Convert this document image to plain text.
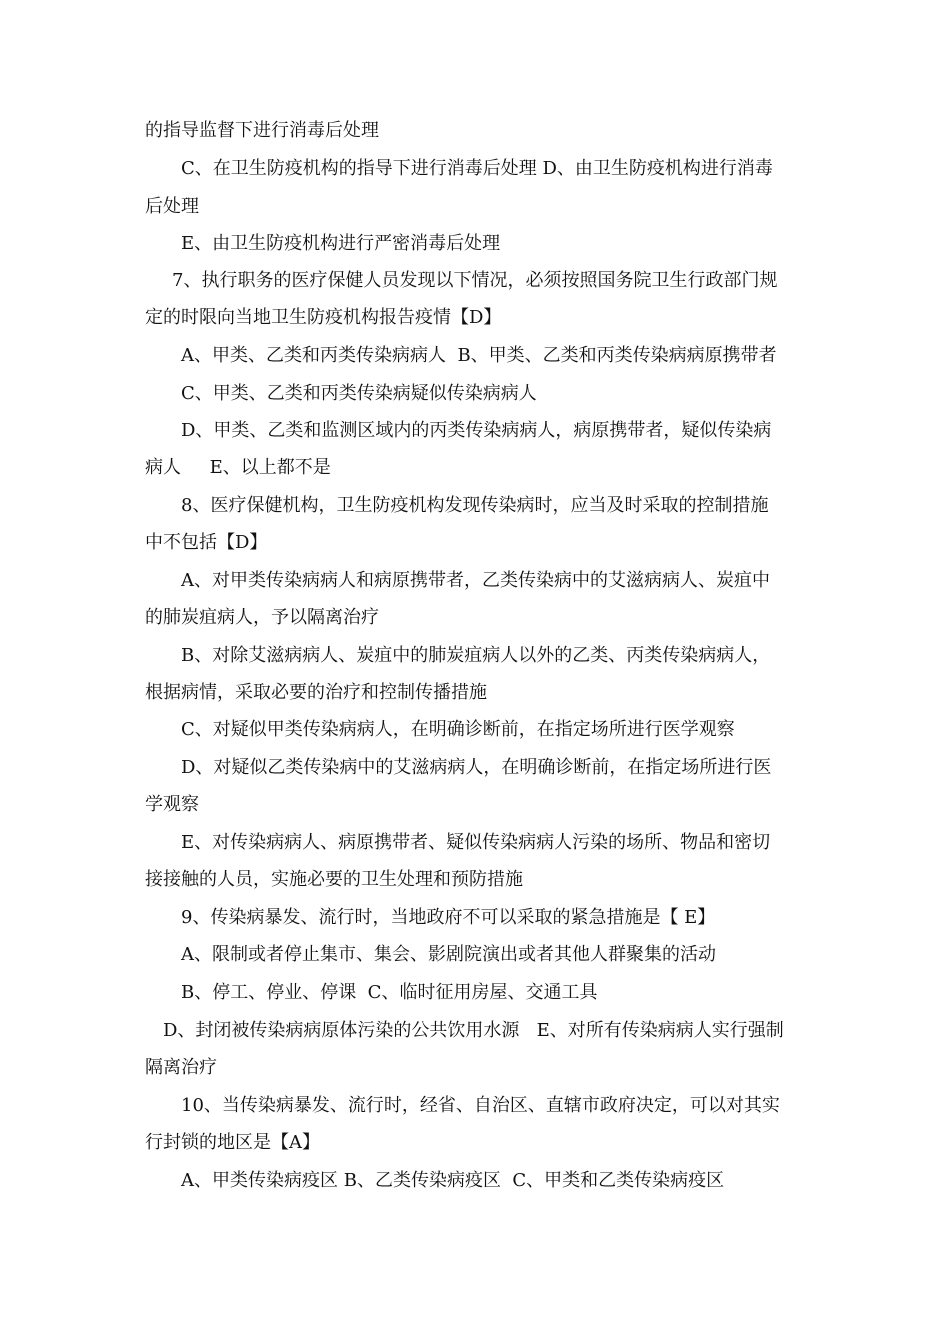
的指导监督下进行消毒后处理

C、在卫生防疫机构的指导下进行消毒后处理 D、由卫生防疫机构进行消毒

后处理

E、由卫生防疫机构进行严密消毒后处理

7、执行职务的医疗保健人员发现以下情况，必须按照国务院卫生行政部门规

定的时限向当地卫生防疫机构报告疫情【D】

A、甲类、乙类和丙类传染病病人  B、甲类、乙类和丙类传染病病原携带者

C、甲类、乙类和丙类传染病疑似传染病病人

D、甲类、乙类和监测区域内的丙类传染病病人，病原携带者，疑似传染病

病人     E、以上都不是

8、医疗保健机构，卫生防疫机构发现传染病时，应当及时采取的控制措施

中不包括【D】

A、对甲类传染病病人和病原携带者，乙类传染病中的艾滋病病人、炭疽中

的肺炭疽病人，予以隔离治疗

B、对除艾滋病病人、炭疽中的肺炭疽病人以外的乙类、丙类传染病病人，

根据病情，采取必要的治疗和控制传播措施

C、对疑似甲类传染病病人，在明确诊断前，在指定场所进行医学观察

D、对疑似乙类传染病中的艾滋病病人，在明确诊断前，在指定场所进行医

学观察

E、对传染病病人、病原携带者、疑似传染病病人污染的场所、物品和密切

接接触的人员，实施必要的卫生处理和预防措施

9、传染病暴发、流行时，当地政府不可以采取的紧急措施是【 E】

A、限制或者停止集市、集会、影剧院演出或者其他人群聚集的活动

B、停工、停业、停课  C、临时征用房屋、交通工具

D、封闭被传染病病原体污染的公共饮用水源   E、对所有传染病病人实行强制

隔离治疗

10、当传染病暴发、流行时，经省、自治区、直辖市政府决定，可以对其实

行封锁的地区是【A】

A、甲类传染病疫区 B、乙类传染病疫区  C、甲类和乙类传染病疫区
